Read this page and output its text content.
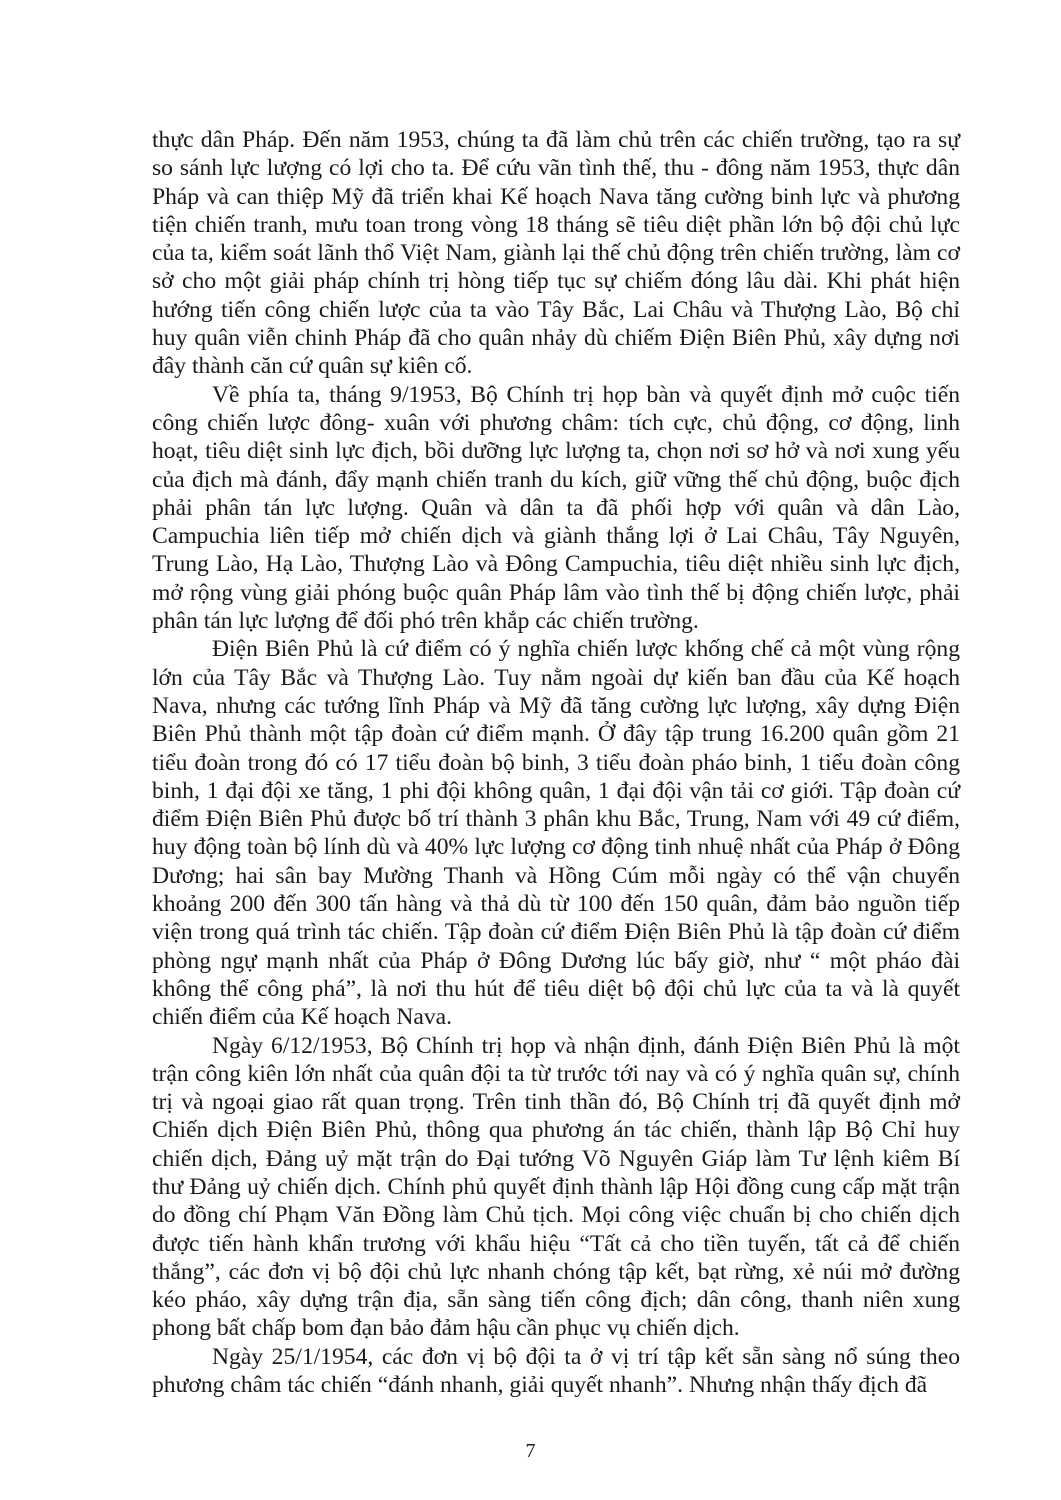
thực dân Pháp. Đến năm 1953, chúng ta đã làm chủ trên các chiến trường, tạo ra sự so sánh lực lượng có lợi cho ta. Để cứu vãn tình thế, thu - đông năm 1953, thực dân Pháp và can thiệp Mỹ đã triển khai Kế hoạch Nava tăng cường binh lực và phương tiện chiến tranh, mưu toan trong vòng 18 tháng sẽ tiêu diệt phần lớn bộ đội chủ lực của ta, kiểm soát lãnh thổ Việt Nam, giành lại thế chủ động trên chiến trường, làm cơ sở cho một giải pháp chính trị hòng tiếp tục sự chiếm đóng lâu dài. Khi phát hiện hướng tiến công chiến lược của ta vào Tây Bắc, Lai Châu và Thượng Lào, Bộ chỉ huy quân viễn chinh Pháp đã cho quân nhảy dù chiếm Điện Biên Phủ, xây dựng nơi đây thành căn cứ quân sự kiên cố.

Về phía ta, tháng 9/1953, Bộ Chính trị họp bàn và quyết định mở cuộc tiến công chiến lược đông- xuân với phương châm: tích cực, chủ động, cơ động, linh hoạt, tiêu diệt sinh lực địch, bồi dưỡng lực lượng ta, chọn nơi sơ hở và nơi xung yếu của địch mà đánh, đẩy mạnh chiến tranh du kích, giữ vững thế chủ động, buộc địch phải phân tán lực lượng. Quân và dân ta đã phối hợp với quân và dân Lào, Campuchia liên tiếp mở chiến dịch và giành thắng lợi ở Lai Châu, Tây Nguyên, Trung Lào, Hạ Lào, Thượng Lào và Đông Campuchia, tiêu diệt nhiều sinh lực địch, mở rộng vùng giải phóng buộc quân Pháp lâm vào tình thế bị động chiến lược, phải phân tán lực lượng để đối phó trên khắp các chiến trường.

Điện Biên Phủ là cứ điểm có ý nghĩa chiến lược khống chế cả một vùng rộng lớn của Tây Bắc và Thượng Lào. Tuy nằm ngoài dự kiến ban đầu của Kế hoạch Nava, nhưng các tướng lĩnh Pháp và Mỹ đã tăng cường lực lượng, xây dựng Điện Biên Phủ thành một tập đoàn cứ điểm mạnh. Ở đây tập trung 16.200 quân gồm 21 tiểu đoàn trong đó có 17 tiểu đoàn bộ binh, 3 tiểu đoàn pháo binh, 1 tiểu đoàn công binh, 1 đại đội xe tăng, 1 phi đội không quân, 1 đại đội vận tải cơ giới. Tập đoàn cứ điểm Điện Biên Phủ được bố trí thành 3 phân khu Bắc, Trung, Nam với 49 cứ điểm, huy động toàn bộ lính dù và 40% lực lượng cơ động tinh nhuệ nhất của Pháp ở Đông Dương; hai sân bay Mường Thanh và Hồng Cúm mỗi ngày có thể vận chuyển khoảng 200 đến 300 tấn hàng và thả dù từ 100 đến 150 quân, đảm bảo nguồn tiếp viện trong quá trình tác chiến. Tập đoàn cứ điểm Điện Biên Phủ là tập đoàn cứ điểm phòng ngự mạnh nhất của Pháp ở Đông Dương lúc bấy giờ, như “ một pháo đài không thể công phá”, là nơi thu hút để tiêu diệt bộ đội chủ lực của ta và là quyết chiến điểm của Kế hoạch Nava.

Ngày 6/12/1953, Bộ Chính trị họp và nhận định, đánh Điện Biên Phủ là một trận công kiên lớn nhất của quân đội ta từ trước tới nay và có ý nghĩa quân sự, chính trị và ngoại giao rất quan trọng. Trên tinh thần đó, Bộ Chính trị đã quyết định mở Chiến dịch Điện Biên Phủ, thông qua phương án tác chiến, thành lập Bộ Chỉ huy chiến dịch, Đảng uỷ mặt trận do Đại tướng Võ Nguyên Giáp làm Tư lệnh kiêm Bí thư Đảng uỷ chiến dịch. Chính phủ quyết định thành lập Hội đồng cung cấp mặt trận do đồng chí Phạm Văn Đồng làm Chủ tịch. Mọi công việc chuẩn bị cho chiến dịch được tiến hành khẩn trương với khẩu hiệu “Tất cả cho tiền tuyến, tất cả để chiến thắng”, các đơn vị bộ đội chủ lực nhanh chóng tập kết, bạt rừng, xẻ núi mở đường kéo pháo, xây dựng trận địa, sẵn sàng tiến công địch; dân công, thanh niên xung phong bất chấp bom đạn bảo đảm hậu cần phục vụ chiến dịch.

Ngày 25/1/1954, các đơn vị bộ đội ta ở vị trí tập kết sẵn sàng nổ súng theo phương châm tác chiến “đánh nhanh, giải quyết nhanh”. Nhưng nhận thấy địch đã

7
